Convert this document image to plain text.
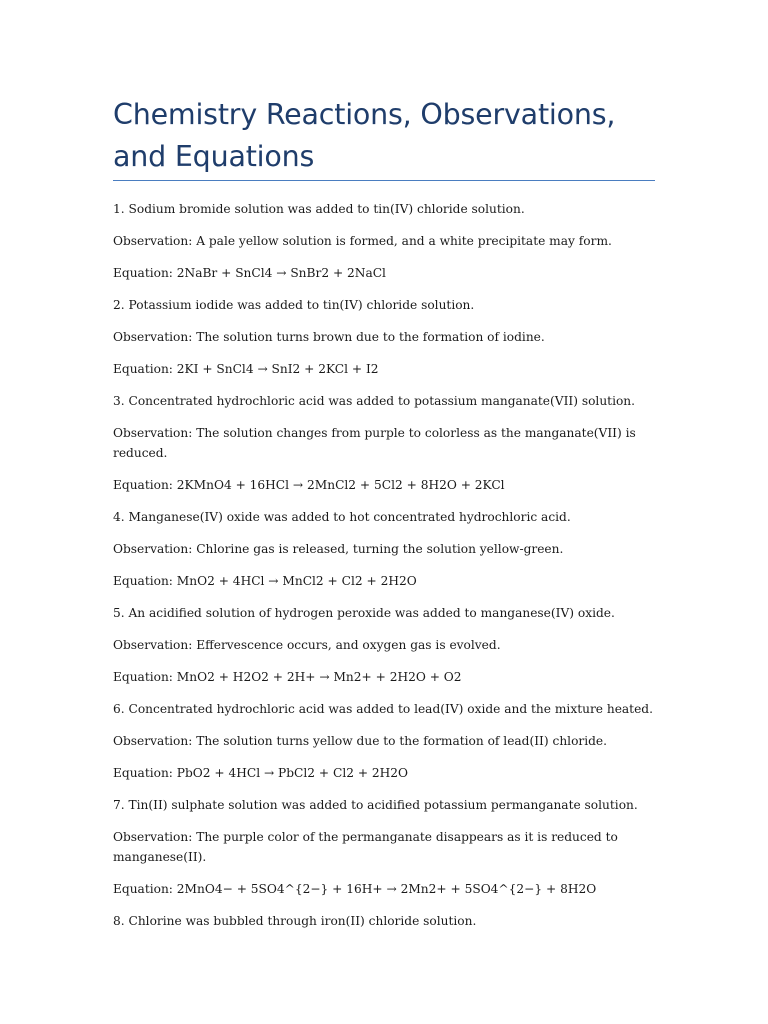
Chemistry Reactions, Observations, and Equations

1. Sodium bromide solution was added to tin(IV) chloride solution.

Observation: A pale yellow solution is formed, and a white precipitate may form.

Equation: 2NaBr + SnCl4 → SnBr2 + 2NaCl

2. Potassium iodide was added to tin(IV) chloride solution.

Observation: The solution turns brown due to the formation of iodine.

Equation: 2KI + SnCl4 → SnI2 + 2KCl + I2

3. Concentrated hydrochloric acid was added to potassium manganate(VII) solution.

Observation: The solution changes from purple to colorless as the manganate(VII) is reduced.

Equation: 2KMnO4 + 16HCl → 2MnCl2 + 5Cl2 + 8H2O + 2KCl

4. Manganese(IV) oxide was added to hot concentrated hydrochloric acid.

Observation: Chlorine gas is released, turning the solution yellow-green.

Equation: MnO2 + 4HCl → MnCl2 + Cl2 + 2H2O

5. An acidified solution of hydrogen peroxide was added to manganese(IV) oxide.

Observation: Effervescence occurs, and oxygen gas is evolved.

Equation: MnO2 + H2O2 + 2H+ → Mn2+ + 2H2O + O2

6. Concentrated hydrochloric acid was added to lead(IV) oxide and the mixture heated.

Observation: The solution turns yellow due to the formation of lead(II) chloride.

Equation: PbO2 + 4HCl → PbCl2 + Cl2 + 2H2O

7. Tin(II) sulphate solution was added to acidified potassium permanganate solution.

Observation: The purple color of the permanganate disappears as it is reduced to manganese(II).

Equation: 2MnO4− + 5SO4^{2−} + 16H+ → 2Mn2+ + 5SO4^{2−} + 8H2O

8. Chlorine was bubbled through iron(II) chloride solution.
